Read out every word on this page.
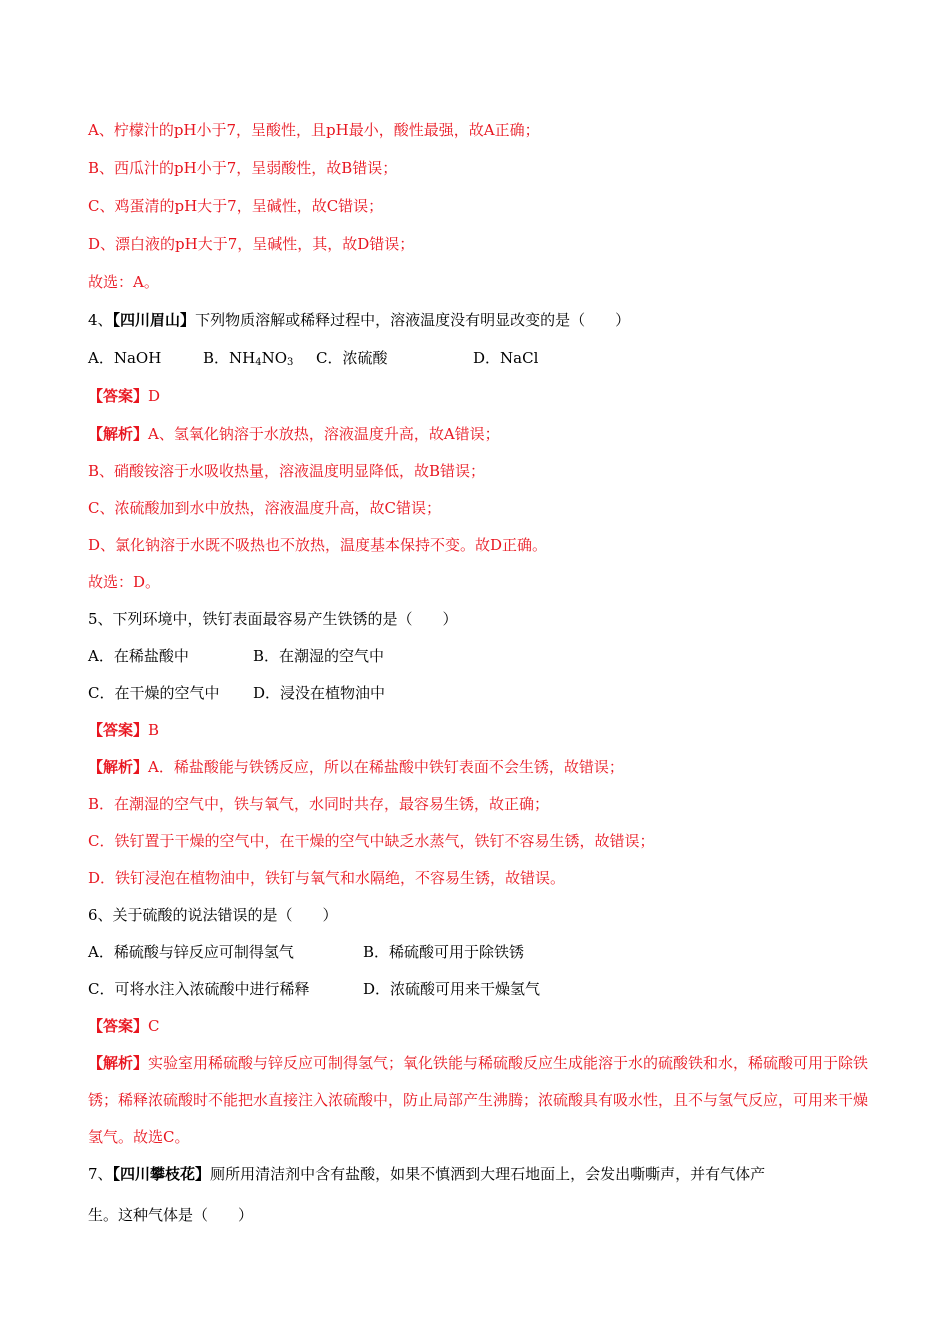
A、柠檬汁的pH小于7，呈酸性，且pH最小，酸性最强，故A正确；
B、西瓜汁的pH小于7，呈弱酸性，故B错误；
C、鸡蛋清的pH大于7，呈碱性，故C错误；
D、漂白液的pH大于7，呈碱性，其，故D错误；
故选：A。
4、【四川眉山】下列物质溶解或稀释过程中，溶液温度没有明显改变的是（　　）
A．NaOH	B．$NH_4NO_3$ C．浓硫酸	D．NaCl
【答案】D
【解析】A、氢氧化钠溶于水放热，溶液温度升高，故A错误；
B、硝酸铵溶于水吸收热量，溶液温度明显降低，故B错误；
C、浓硫酸加到水中放热，溶液温度升高，故C错误；
D、氯化钠溶于水既不吸热也不放热，温度基本保持不变。故D正确。
故选：D。
5、下列环境中，铁钉表面最容易产生铁锈的是（　　）
A．在稀盐酸中	B．在潮湿的空气中
C．在干燥的空气中 D．浸没在植物油中
【答案】B
【解析】A．稀盐酸能与铁锈反应，所以在稀盐酸中铁钉表面不会生锈，故错误；
B．在潮湿的空气中，铁与氧气，水同时共存，最容易生锈，故正确；
C．铁钉置于干燥的空气中，在干燥的空气中缺乏水蒸气，铁钉不容易生锈，故错误；
D．铁钉浸泡在植物油中，铁钉与氧气和水隔绝，不容易生锈，故错误。
6、关于硫酸的说法错误的是（　　）
A．稀硫酸与锌反应可制得氢气	B．稀硫酸可用于除铁锈
C．可将水注入浓硫酸中进行稀释	D．浓硫酸可用来干燥氢气
【答案】C
【解析】实验室用稀硫酸与锌反应可制得氢气；氧化铁能与稀硫酸反应生成能溶于水的硫酸铁和水，稀硫酸可用于除铁锈；稀释浓硫酸时不能把水直接注入浓硫酸中，防止局部产生沸腾；浓硫酸具有吸水性，且不与氢气反应，可用来干燥氢气。故选C。
7、【四川攀枝花】厕所用清洁剂中含有盐酸，如果不慎洒到大理石地面上，会发出嘶嘶声，并有气体产
生。这种气体是（　　）
